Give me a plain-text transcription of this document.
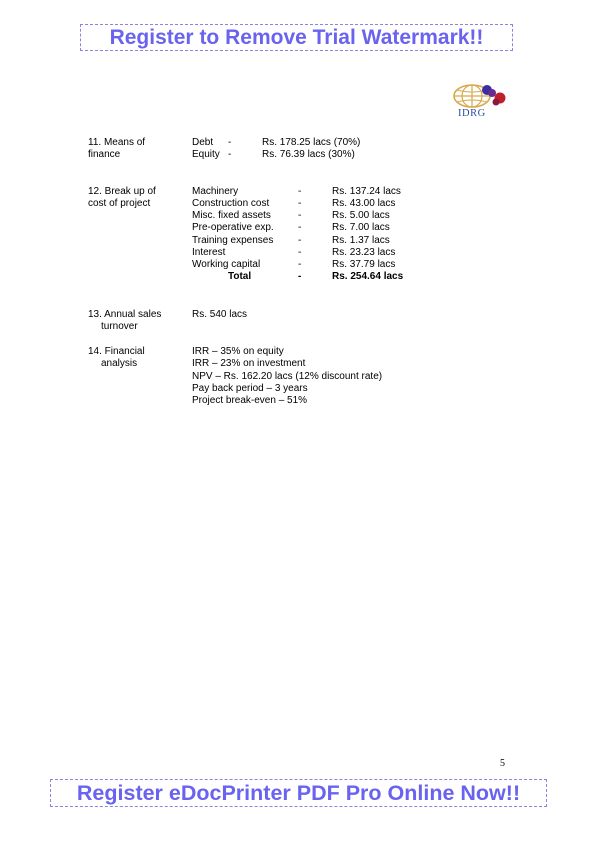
Register to Remove Trial Watermark!!
IDRG
11. Means of
finance
Debt -	Rs. 178.25 lacs (70%)
Equity -	Rs. 76.39 lacs (30%)
12. Break up of
cost of project
Machinery	-	Rs. 137.24 lacs
Construction cost	-	Rs. 43.00 lacs
Misc. fixed assets	-	Rs. 5.00 lacs
Pre-operative exp. -	Rs. 7.00 lacs
Training expenses -	Rs. 1.37 lacs
Interest	-	Rs. 23.23 lacs
Working capital	-	Rs. 37.79 lacs
Total	-	Rs. 254.64 lacs
13. Annual sales
turnover
Rs. 540 lacs
14. Financial
analysis
IRR – 35% on equity
IRR – 23% on investment
NPV – Rs. 162.20 lacs (12% discount rate)
Pay back period – 3 years
Project break-even – 51%
5
Register eDocPrinter PDF Pro Online Now!!
